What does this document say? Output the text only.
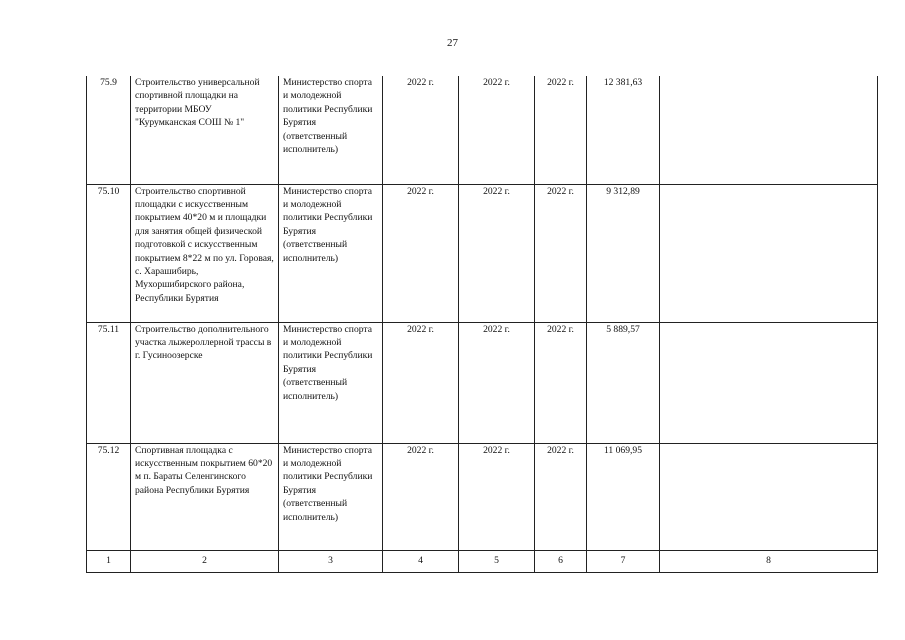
27
75.9	Строительство универсальной спортивной площадки на территории МБОУ "Курумканская СОШ № 1"	Министерство спорта и молодежной политики Республики Бурятия (ответственный исполнитель)	2022 г.	2022 г.	2022 г.	12 381,63	
75.10	Строительство спортивной площадки с искусственным покрытием 40*20 м и площадки для занятия общей физической подготовкой с искусственным покрытием 8*22 м по ул. Горовая, с. Харашибирь, Мухоршибирского района, Республики Бурятия	Министерство спорта и молодежной политики Республики Бурятия (ответственный исполнитель)	2022 г.	2022 г.	2022 г.	9 312,89	
75.11	Строительство дополнительного участка лыжероллерной трассы в г. Гусиноозерске	Министерство спорта и молодежной политики Республики Бурятия (ответственный исполнитель)	2022 г.	2022 г.	2022 г.	5 889,57	
75.12	Спортивная площадка с искусственным покрытием 60*20 м п. Бараты Селенгинского района Республики Бурятия	Министерство спорта и молодежной политики Республики Бурятия (ответственный исполнитель)	2022 г.	2022 г.	2022 г.	11 069,95	
1	2	3	4	5	6	7	8
